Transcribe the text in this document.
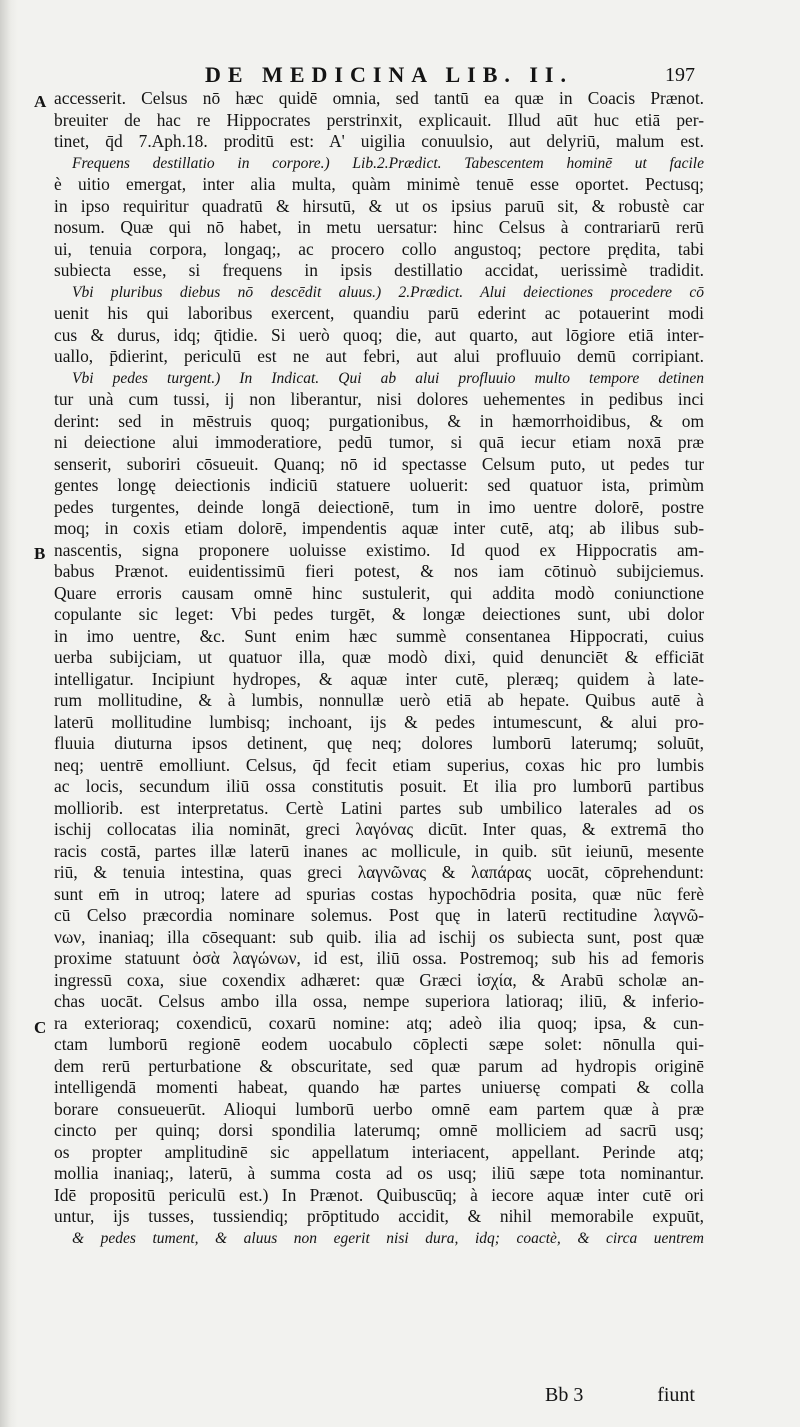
DE MEDICINA LIB. II.	197
A
B
C
accesserit. Celsus nō hæc quidē omnia, sed tantū ea quæ in Coacis Prænot.
breuiter de hac re Hippocrates perstrinxit, explicauit. Illud aūt huc etiā per-
tinet, q̄d 7.Aph.18. proditū est: A' uigilia conuulsio, aut delyriū, malum est.
Frequens destillatio in corpore.) Lib.2.Prædict. Tabescentem hominē ut facile
è uitio emergat, inter alia multa, quàm minimè tenuē esse oportet. Pectusq;
in ipso requiritur quadratū & hirsutū, & ut os ipsius paruū sit, & robustè car
nosum. Quæ qui nō habet, in metu uersatur: hinc Celsus à contrariarū rerū
ui, tenuia corpora, longaq;, ac procero collo angustoq; pectore prędita, tabi
subiecta esse, si frequens in ipsis destillatio accidat, uerissimè tradidit.
Vbi pluribus diebus nō descēdit aluus.) 2.Prædict. Alui deiectiones procedere cō
uenit his qui laboribus exercent, quandiu parū ederint ac potauerint modi
cus & durus, idq; q̄tidie. Si uerò quoq; die, aut quarto, aut lōgiore etiā inter-
uallo, p̄dierint, periculū est ne aut febri, aut alui profluuio demū corripiant.
Vbi pedes turgent.) In Indicat. Qui ab alui profluuio multo tempore detinen
tur unà cum tussi, ij non liberantur, nisi dolores uehementes in pedibus inci
derint: sed in mēstruis quoq; purgationibus, & in hæmorrhoidibus, & om
ni deiectione alui immoderatiore, pedū tumor, si quā iecur etiam noxā præ
senserit, suboriri cōsueuit. Quanq; nō id spectasse Celsum puto, ut pedes tur
gentes longę deiectionis indiciū statuere uoluerit: sed quatuor ista, primùm
pedes turgentes, deinde longā deiectionē, tum in imo uentre dolorē, postre
moq; in coxis etiam dolorē, impendentis aquæ inter cutē, atq; ab ilibus sub-
nascentis, signa proponere uoluisse existimo. Id quod ex Hippocratis am-
babus Prænot. euidentissimū fieri potest, & nos iam cōtinuò subijciemus.
Quare erroris causam omnē hinc sustulerit, qui addita modò coniunctione
copulante sic leget: Vbi pedes turgēt, & longæ deiectiones sunt, ubi dolor
in imo uentre, &c. Sunt enim hæc summè consentanea Hippocrati, cuius
uerba subijciam, ut quatuor illa, quæ modò dixi, quid denunciēt & efficiāt
intelligatur. Incipiunt hydropes, & aquæ inter cutē, pleræq; quidem à late-
rum mollitudine, & à lumbis, nonnullæ uerò etiā ab hepate. Quibus autē à
laterū mollitudine lumbisq; inchoant, ijs & pedes intumescunt, & alui pro-
fluuia diuturna ipsos detinent, quę neq; dolores lumborū laterumq; soluūt,
neq; uentrē emolliunt. Celsus, q̄d fecit etiam superius, coxas hic pro lumbis
ac locis, secundum iliū ossa constitutis posuit. Et ilia pro lumborū partibus
molliorib. est interpretatus. Certè Latini partes sub umbilico laterales ad os
ischij collocatas ilia nomināt, greci λαγόνας dicūt. Inter quas, & extremā tho
racis costā, partes illæ laterū inanes ac mollicule, in quib. sūt ieiunū, mesente
riū, & tenuia intestina, quas greci λαγνῶνας & λαπάρας uocāt, cōprehendunt:
sunt em̄ in utroq; latere ad spurias costas hypochōdria posita, quæ nūc ferè
cū Celso præcordia nominare solemus. Post quę in laterū rectitudine λαγνῶ-
νων, inaniaq; illa cōsequant: sub quib. ilia ad ischij os subiecta sunt, post quæ
proxime statuunt ὀσὰ λαγώνων, id est, iliū ossa. Postremoq; sub his ad femoris
ingressū coxa, siue coxendix adhæret: quæ Græci ἰσχία, & Arabū scholæ an-
chas uocāt. Celsus ambo illa ossa, nempe superiora latioraq; iliū, & inferio-
ra exterioraq; coxendicū, coxarū nomine: atq; adeò ilia quoq; ipsa, & cun-
ctam lumborū regionē eodem uocabulo cōplecti sæpe solet: nōnulla qui-
dem rerū perturbatione & obscuritate, sed quæ parum ad hydropis originē
intelligendā momenti habeat, quando hæ partes uniuersę compati & colla
borare consueuerūt. Alioqui lumborū uerbo omnē eam partem quæ à præ
cincto per quinq; dorsi spondilia laterumq; omnē molliciem ad sacrū usq;
os propter amplitudinē sic appellatum interiacent, appellant. Perinde atq;
mollia inaniaq;, laterū, à summa costa ad os usq; iliū sæpe tota nominantur.
Idē propositū periculū est.) In Prænot. Quibuscūq; à iecore aquæ inter cutē ori
untur, ijs tusses, tussiendiq; prōptitudo accidit, & nihil memorabile expuūt,
& pedes tument, & aluus non egerit nisi dura, idq; coactè, & circa uentrem
Bb 3	fiunt
